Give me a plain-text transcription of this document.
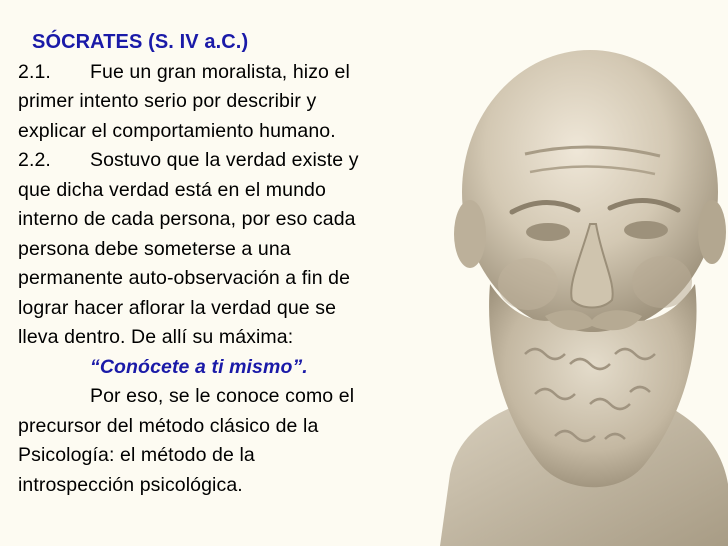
SÓCRATES (S. IV a.C.)
2.1. Fue un gran moralista, hizo el
primer intento serio por describir y
explicar el comportamiento humano.
2.2. Sostuvo que la verdad existe y
que dicha verdad está en el mundo
interno de cada persona, por eso cada
persona debe someterse a una
permanente auto-observación a fin de
lograr hacer aflorar la verdad que se
lleva dentro. De allí su máxima:
“Conócete a ti mismo”.
Por eso, se le conoce como el
precursor del método clásico de la
Psicología: el método de la
introspección psicológica.
